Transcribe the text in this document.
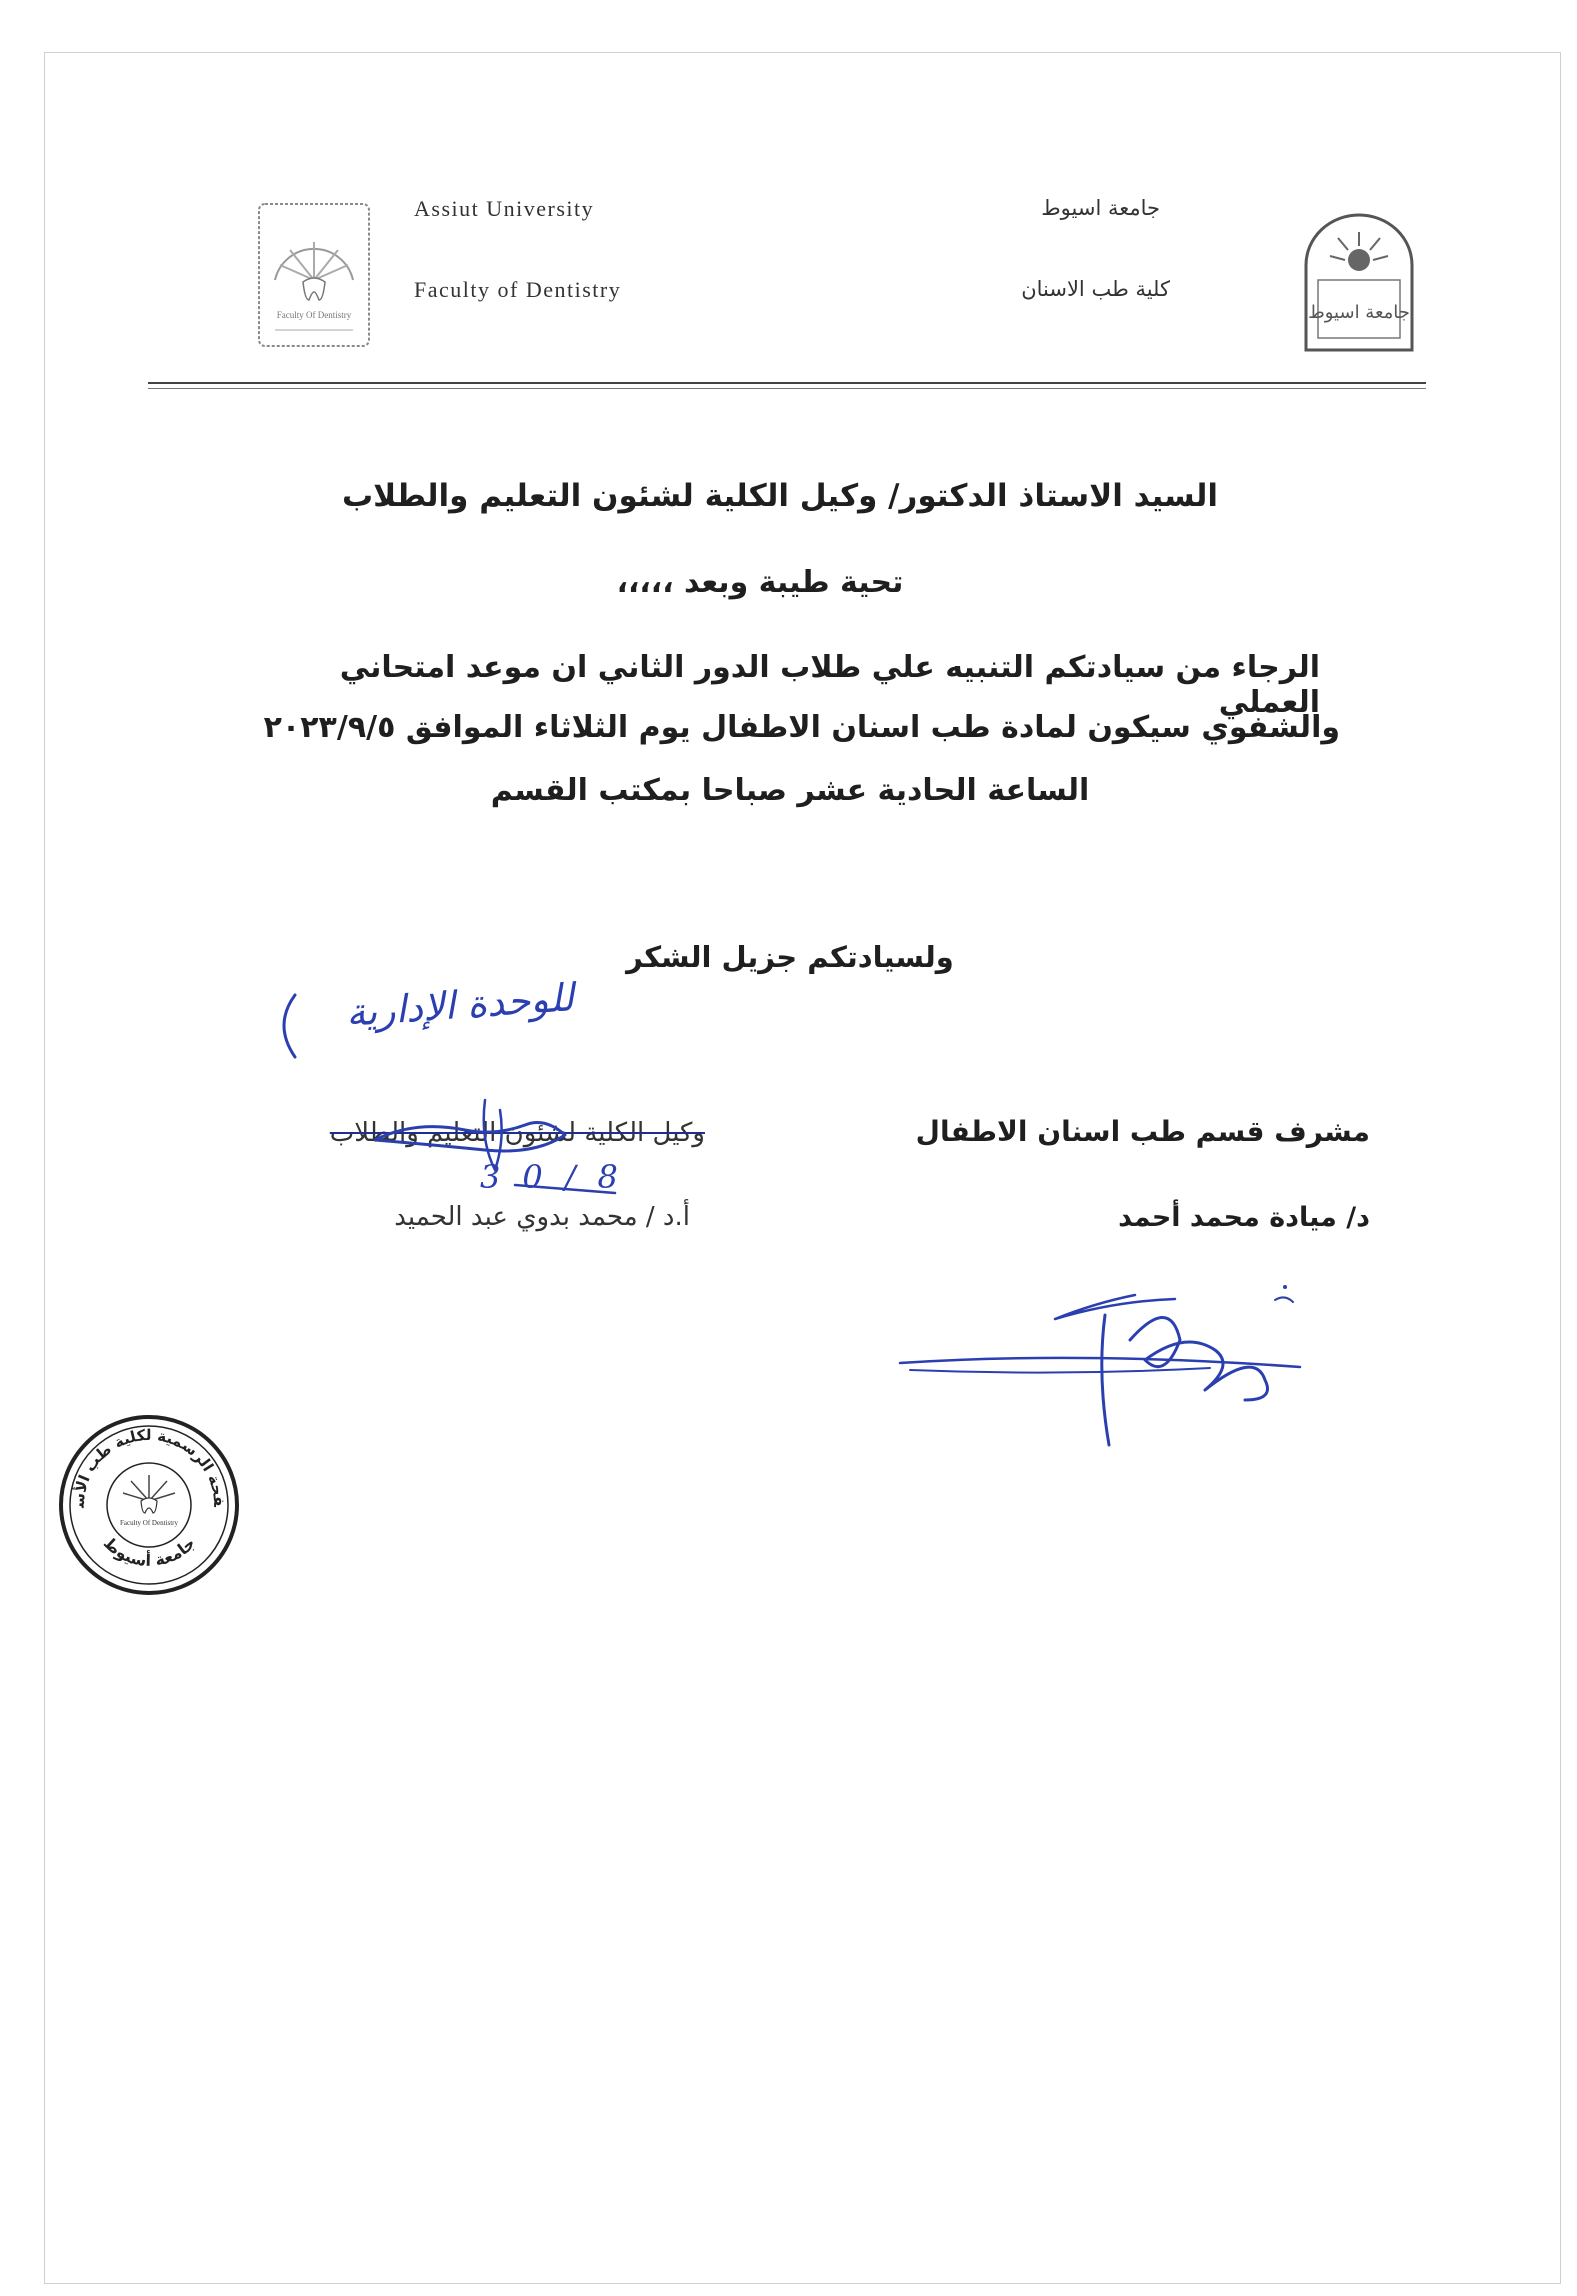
Faculty Of Dentistry
Assiut University
Faculty of Dentistry
جامعة اسيوط
كلية طب الاسنان
جامعة اسيوط
السيد الاستاذ الدكتور/ وكيل الكلية لشئون التعليم والطلاب
تحية طيبة وبعد ،،،،،
الرجاء من سيادتكم التنبيه علي طلاب الدور الثاني ان موعد امتحاني العملي
والشفوي سيكون لمادة طب اسنان الاطفال يوم الثلاثاء الموافق ٢٠٢٣/٩/٥
الساعة الحادية عشر صباحا بمكتب القسم
ولسيادتكم جزيل الشكر
للوحدة الإدارية
وكيل الكلية لشئون التعليم والطلاب
أ.د / محمد بدوي عبد الحميد
30/8
مشرف قسم طب اسنان الاطفال
د/ ميادة محمد أحمد
فحة الرسمية لكلية طب الأسنان
جامعة أسيوط
Faculty Of Dentistry
